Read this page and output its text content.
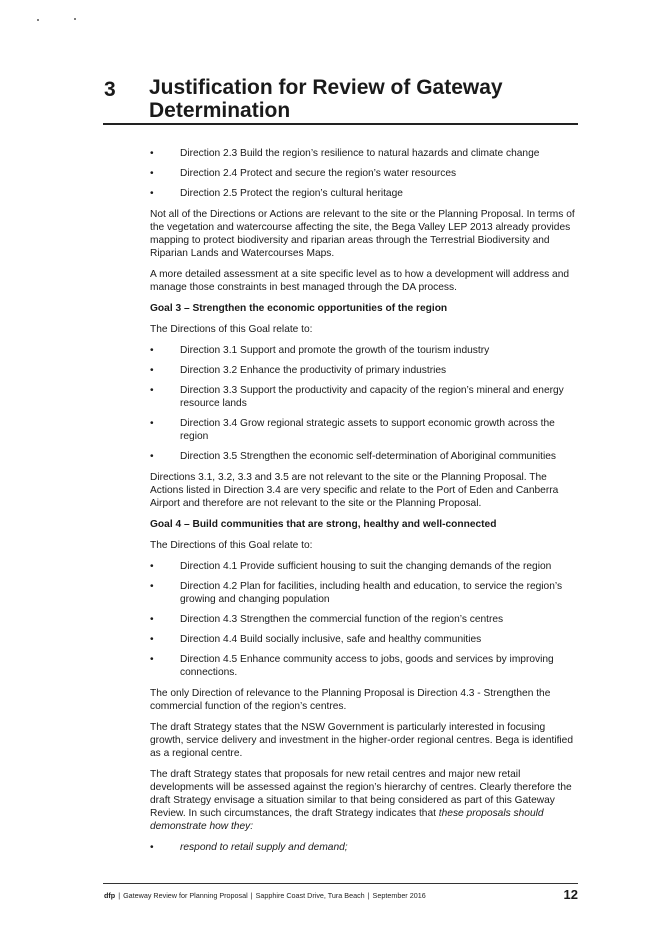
3 Justification for Review of Gateway Determination
•	Direction 2.3 Build the region’s resilience to natural hazards and climate change
•	Direction 2.4 Protect and secure the region’s water resources
•	Direction 2.5 Protect the region’s cultural heritage

Not all of the Directions or Actions are relevant to the site or the Planning Proposal. In terms of the vegetation and watercourse affecting the site, the Bega Valley LEP 2013 already provides mapping to protect biodiversity and riparian areas through the Terrestrial Biodiversity and Riparian Lands and Watercourses Maps.

A more detailed assessment at a site specific level as to how a development will address and manage those constraints in best managed through the DA process.

Goal 3 – Strengthen the economic opportunities of the region

The Directions of this Goal relate to:

•	Direction 3.1 Support and promote the growth of the tourism industry
•	Direction 3.2 Enhance the productivity of primary industries
•	Direction 3.3 Support the productivity and capacity of the region’s mineral and energy resource lands
•	Direction 3.4 Grow regional strategic assets to support economic growth across the region
•	Direction 3.5 Strengthen the economic self-determination of Aboriginal communities

Directions 3.1, 3.2, 3.3 and 3.5 are not relevant to the site or the Planning Proposal. The Actions listed in Direction 3.4 are very specific and relate to the Port of Eden and Canberra Airport and therefore are not relevant to the site or the Planning Proposal.

Goal 4 – Build communities that are strong, healthy and well-connected

The Directions of this Goal relate to:

•	Direction 4.1 Provide sufficient housing to suit the changing demands of the region
•	Direction 4.2 Plan for facilities, including health and education, to service the region’s growing and changing population
•	Direction 4.3 Strengthen the commercial function of the region’s centres
•	Direction 4.4 Build socially inclusive, safe and healthy communities
•	Direction 4.5 Enhance community access to jobs, goods and services by improving connections.

The only Direction of relevance to the Planning Proposal is Direction 4.3 - Strengthen the commercial function of the region’s centres.

The draft Strategy states that the NSW Government is particularly interested in focusing growth, service delivery and investment in the higher-order regional centres. Bega is identified as a regional centre.

The draft Strategy states that proposals for new retail centres and major new retail developments will be assessed against the region’s hierarchy of centres. Clearly therefore the draft Strategy envisage a situation similar to that being considered as part of this Gateway Review. In such circumstances, the draft Strategy indicates that these proposals should demonstrate how they:

•	respond to retail supply and demand;
dfp | Gateway Review for Planning Proposal | Sapphire Coast Drive, Tura Beach | September 2016	12
